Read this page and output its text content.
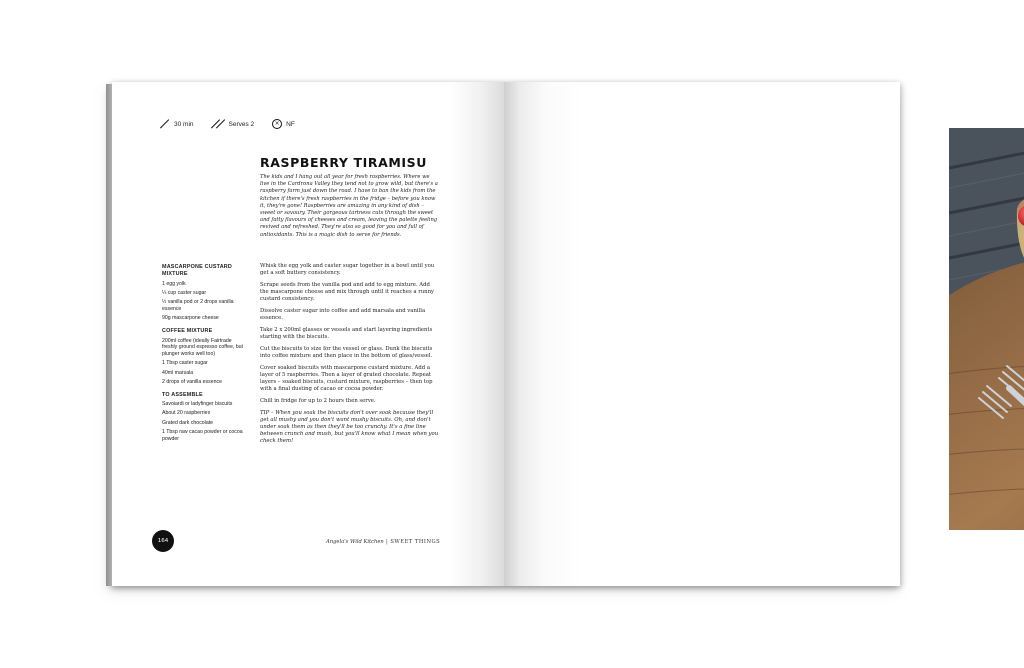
30 min	Serves 2	× NF
RASPBERRY TIRAMISU
The kids and I hang out all year for fresh raspberries. Where we live in the Cardrona Valley they tend not to grow wild, but there's a raspberry farm just down the road. I have to ban the kids from the kitchen if there's fresh raspberries in the fridge – before you know it, they're gone! Raspberries are amazing in any kind of dish – sweet or savoury. Their gorgeous tartness cuts through the sweet and fatty flavours of cheeses and cream, leaving the palette feeling revived and refreshed. They're also so good for you and full of antioxidants. This is a magic dish to serve for friends.
MASCARPONE CUSTARD MIXTURE
1 egg yolk
¼ cup caster sugar
½ vanilla pod or 2 drops vanilla essence
90g mascarpone cheese
COFFEE MIXTURE
200ml coffee (ideally Fairtrade freshly ground espresso coffee, but plunger works well too)
1 Tbsp caster sugar
40ml marsala
2 drops of vanilla essence
TO ASSEMBLE
Savoiardi or ladyfinger biscuits
About 20 raspberries
Grated dark chocolate
1 Tbsp raw cacao powder or cocoa powder

Whisk the egg yolk and caster sugar together in a bowl until you get a soft buttery consistency.

Scrape seeds from the vanilla pod and add to egg mixture. Add the mascarpone cheese and mix through until it reaches a runny custard consistency.

Dissolve caster sugar into coffee and add marsala and vanilla essence.

Take 2 x 200ml glasses or vessels and start layering ingredients starting with the biscuits.

Cut the biscuits to size for the vessel or glass. Dunk the biscuits into coffee mixture and then place in the bottom of glass/vessel.

Cover soaked biscuits with mascarpone custard mixture. Add a layer of 5 raspberries. Then a layer of grated chocolate. Repeat layers – soaked biscuits, custard mixture, raspberries – then top with a final dusting of cacao or cocoa powder.

Chill in fridge for up to 2 hours then serve.

TIP – When you soak the biscuits don't over soak because they'll get all mushy and you don't want mushy biscuits. Oh, and don't under soak them as then they'll be too crunchy. It's a fine line between crunch and mush, but you'll know what I mean when you check them!

164	Angela's Wild Kitchen | SWEET THINGS
